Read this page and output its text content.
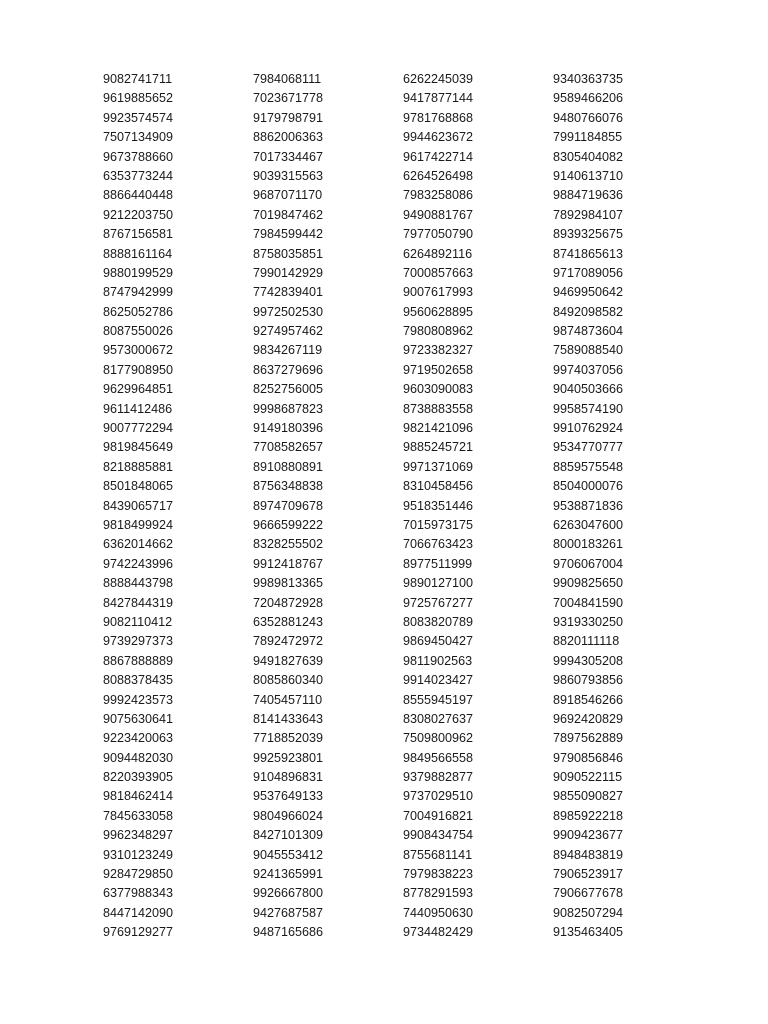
9082741711	7984068111	6262245039	9340363735
9619885652	7023671778	9417877144	9589466206
9923574574	9179798791	9781768868	9480766076
7507134909	8862006363	9944623672	7991184855
9673788660	7017334467	9617422714	8305404082
6353773244	9039315563	6264526498	9140613710
8866440448	9687071170	7983258086	9884719636
9212203750	7019847462	9490881767	7892984107
8767156581	7984599442	7977050790	8939325675
8888161164	8758035851	6264892116	8741865613
9880199529	7990142929	7000857663	9717089056
8747942999	7742839401	9007617993	9469950642
8625052786	9972502530	9560628895	8492098582
8087550026	9274957462	7980808962	9874873604
9573000672	9834267119	9723382327	7589088540
8177908950	8637279696	9719502658	9974037056
9629964851	8252756005	9603090083	9040503666
9611412486	9998687823	8738883558	9958574190
9007772294	9149180396	9821421096	9910762924
9819845649	7708582657	9885245721	9534770777
8218885881	8910880891	9971371069	8859575548
8501848065	8756348838	8310458456	8504000076
8439065717	8974709678	9518351446	9538871836
9818499924	9666599222	7015973175	6263047600
6362014662	8328255502	7066763423	8000183261
9742243996	9912418767	8977511999	9706067004
8888443798	9989813365	9890127100	9909825650
8427844319	7204872928	9725767277	7004841590
9082110412	6352881243	8083820789	9319330250
9739297373	7892472972	9869450427	8820111118
8867888889	9491827639	9811902563	9994305208
8088378435	8085860340	9914023427	9860793856
9992423573	7405457110	8555945197	8918546266
9075630641	8141433643	8308027637	9692420829
9223420063	7718852039	7509800962	7897562889
9094482030	9925923801	9849566558	9790856846
8220393905	9104896831	9379882877	9090522115
9818462414	9537649133	9737029510	9855090827
7845633058	9804966024	7004916821	8985922218
9962348297	8427101309	9908434754	9909423677
9310123249	9045553412	8755681141	8948483819
9284729850	9241365991	7979838223	7906523917
6377988343	9926667800	8778291593	7906677678
8447142090	9427687587	7440950630	9082507294
9769129277	9487165686	9734482429	9135463405
